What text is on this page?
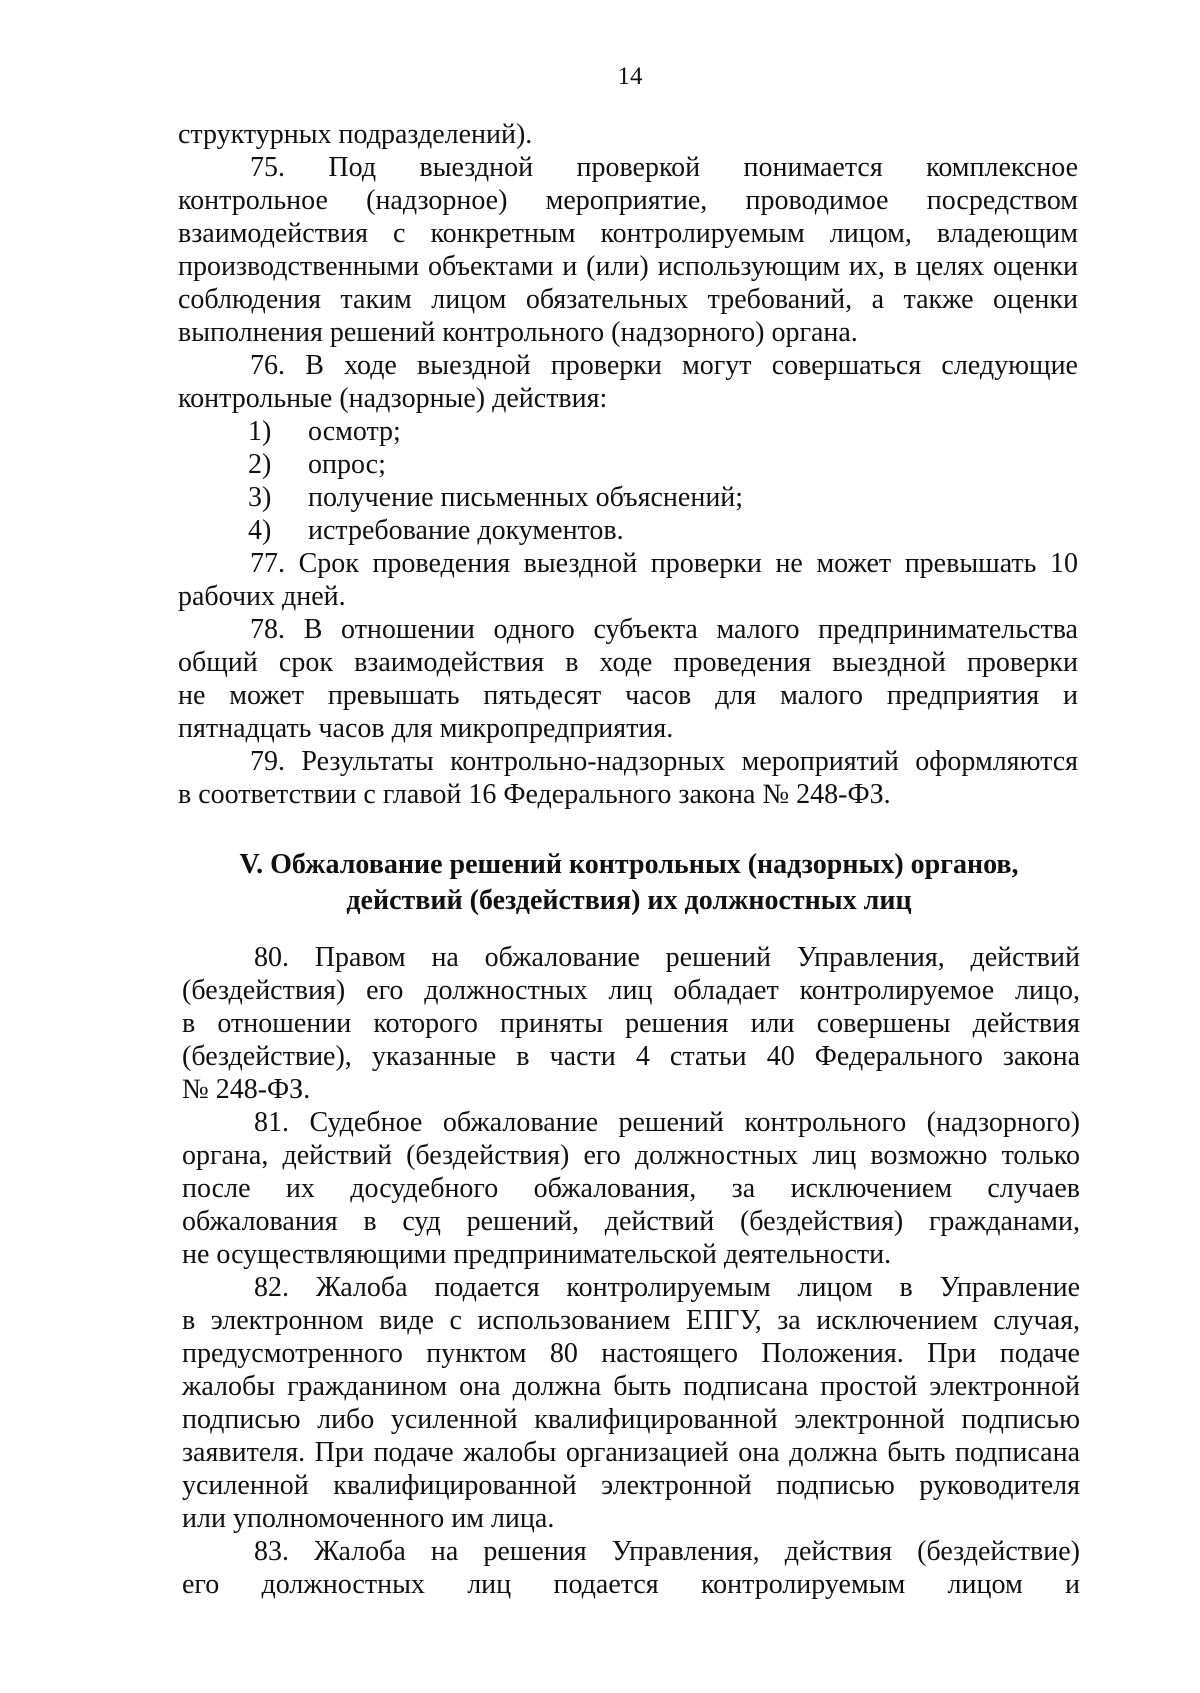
14
структурных подразделений).
75. Под выездной проверкой понимается комплексное
контрольное (надзорное) мероприятие, проводимое посредством
взаимодействия с конкретным контролируемым лицом, владеющим
производственными объектами и (или) использующим их, в целях оценки
соблюдения таким лицом обязательных требований, а также оценки
выполнения решений контрольного (надзорного) органа.
76. В ходе выездной проверки могут совершаться следующие
контрольные (надзорные) действия:
1) осмотр;
2) опрос;
3) получение письменных объяснений;
4) истребование документов.
77. Срок проведения выездной проверки не может превышать 10
рабочих дней.
78. В отношении одного субъекта малого предпринимательства
общий срок взаимодействия в ходе проведения выездной проверки
не может превышать пятьдесят часов для малого предприятия и
пятнадцать часов для микропредприятия.
79. Результаты контрольно-надзорных мероприятий оформляются
в соответствии с главой 16 Федерального закона № 248-ФЗ.
V. Обжалование решений контрольных (надзорных) органов,
действий (бездействия) их должностных лиц
80. Правом на обжалование решений Управления, действий
(бездействия) его должностных лиц обладает контролируемое лицо,
в отношении которого приняты решения или совершены действия
(бездействие), указанные в части 4 статьи 40 Федерального закона
№ 248-ФЗ.
81. Судебное обжалование решений контрольного (надзорного)
органа, действий (бездействия) его должностных лиц возможно только
после их досудебного обжалования, за исключением случаев
обжалования в суд решений, действий (бездействия) гражданами,
не осуществляющими предпринимательской деятельности.
82. Жалоба подается контролируемым лицом в Управление
в электронном виде с использованием ЕПГУ, за исключением случая,
предусмотренного пунктом 80 настоящего Положения. При подаче
жалобы гражданином она должна быть подписана простой электронной
подписью либо усиленной квалифицированной электронной подписью
заявителя. При подаче жалобы организацией она должна быть подписана
усиленной квалифицированной электронной подписью руководителя
или уполномоченного им лица.
83. Жалоба на решения Управления, действия (бездействие)
его должностных лиц подается контролируемым лицом и
